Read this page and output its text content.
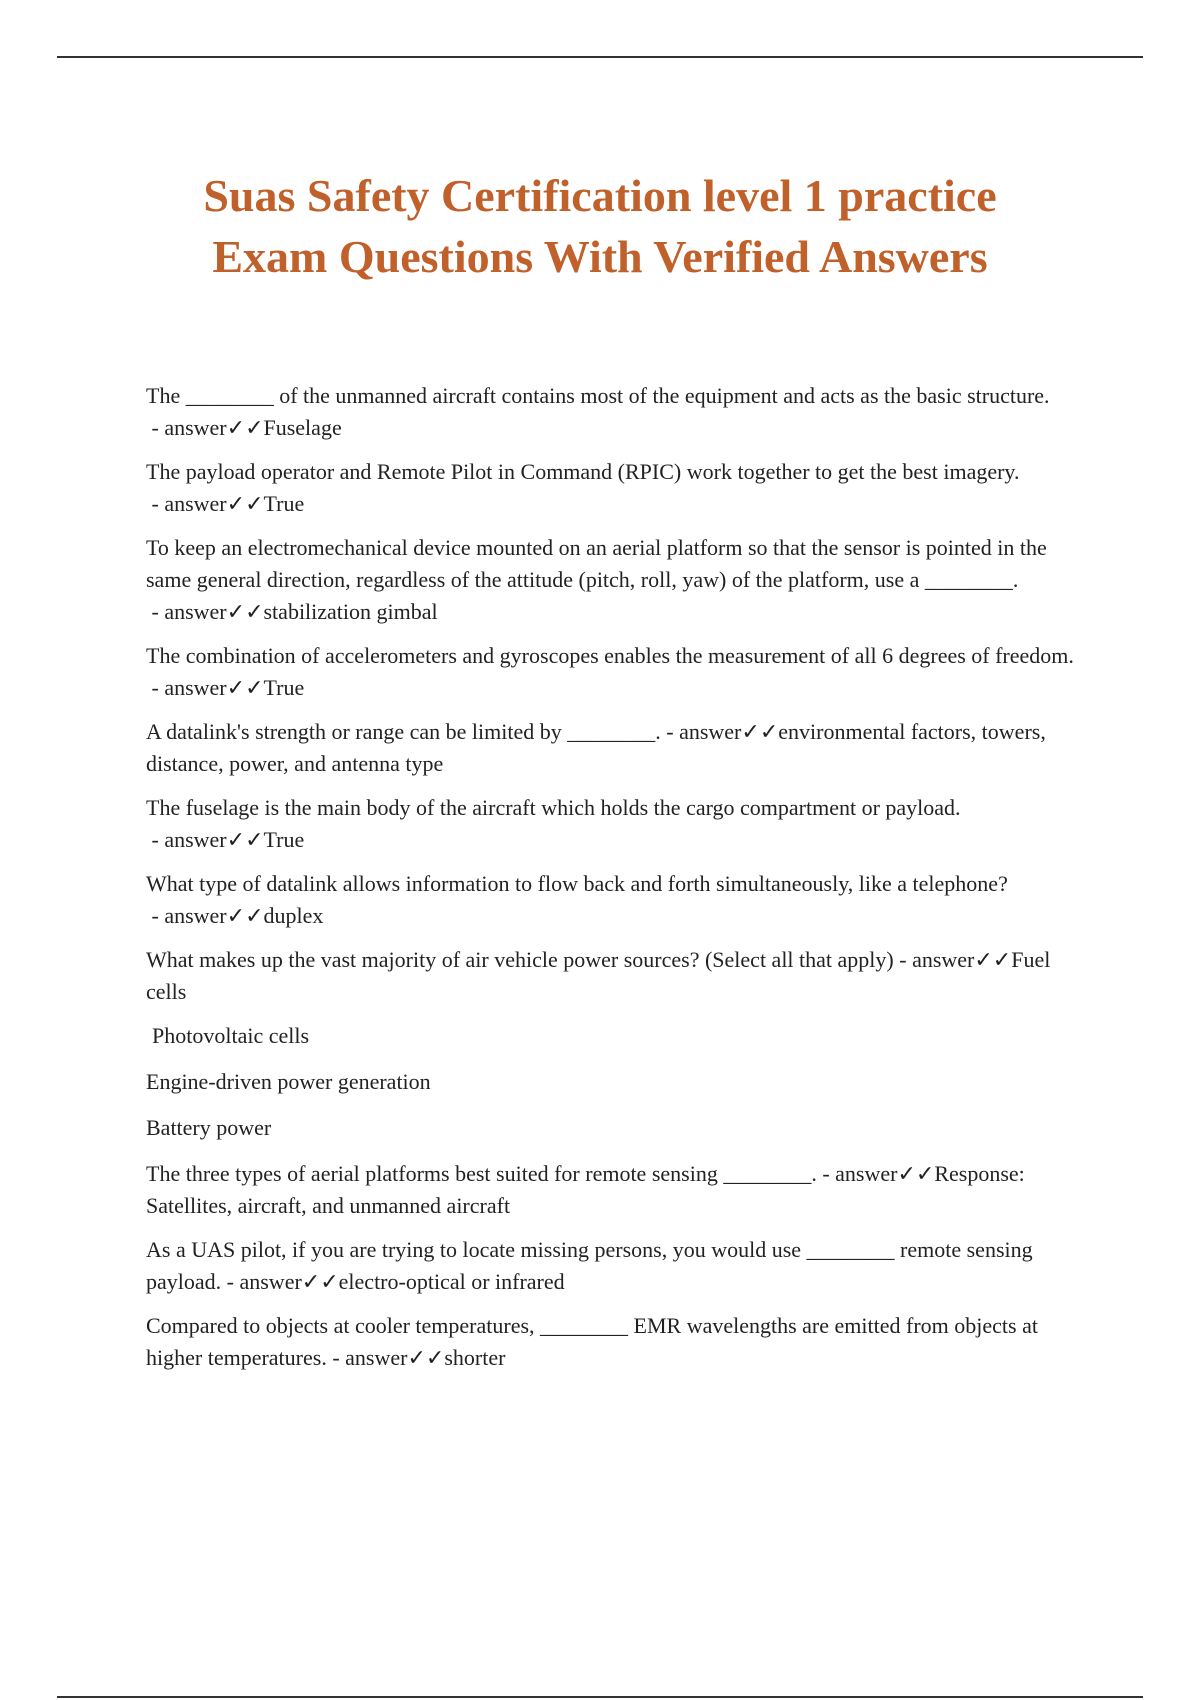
Suas Safety Certification level 1 practice
Exam Questions With Verified Answers

The ________ of the unmanned aircraft contains most of the equipment and acts as the basic structure. - answer✓✓Fuselage

The payload operator and Remote Pilot in Command (RPIC) work together to get the best imagery. - answer✓✓True

To keep an electromechanical device mounted on an aerial platform so that the sensor is pointed in the same general direction, regardless of the attitude (pitch, roll, yaw) of the platform, use a ________. - answer✓✓stabilization gimbal

The combination of accelerometers and gyroscopes enables the measurement of all 6 degrees of freedom. - answer✓✓True

A datalink's strength or range can be limited by ________. - answer✓✓environmental factors, towers, distance, power, and antenna type

The fuselage is the main body of the aircraft which holds the cargo compartment or payload. - answer✓✓True

What type of datalink allows information to flow back and forth simultaneously, like a telephone? - answer✓✓duplex

What makes up the vast majority of air vehicle power sources? (Select all that apply) - answer✓✓Fuel cells

Photovoltaic cells

Engine-driven power generation

Battery power

The three types of aerial platforms best suited for remote sensing ________. - answer✓✓Response: Satellites, aircraft, and unmanned aircraft

As a UAS pilot, if you are trying to locate missing persons, you would use ________ remote sensing payload. - answer✓✓electro-optical or infrared

Compared to objects at cooler temperatures, ________ EMR wavelengths are emitted from objects at higher temperatures. - answer✓✓shorter
